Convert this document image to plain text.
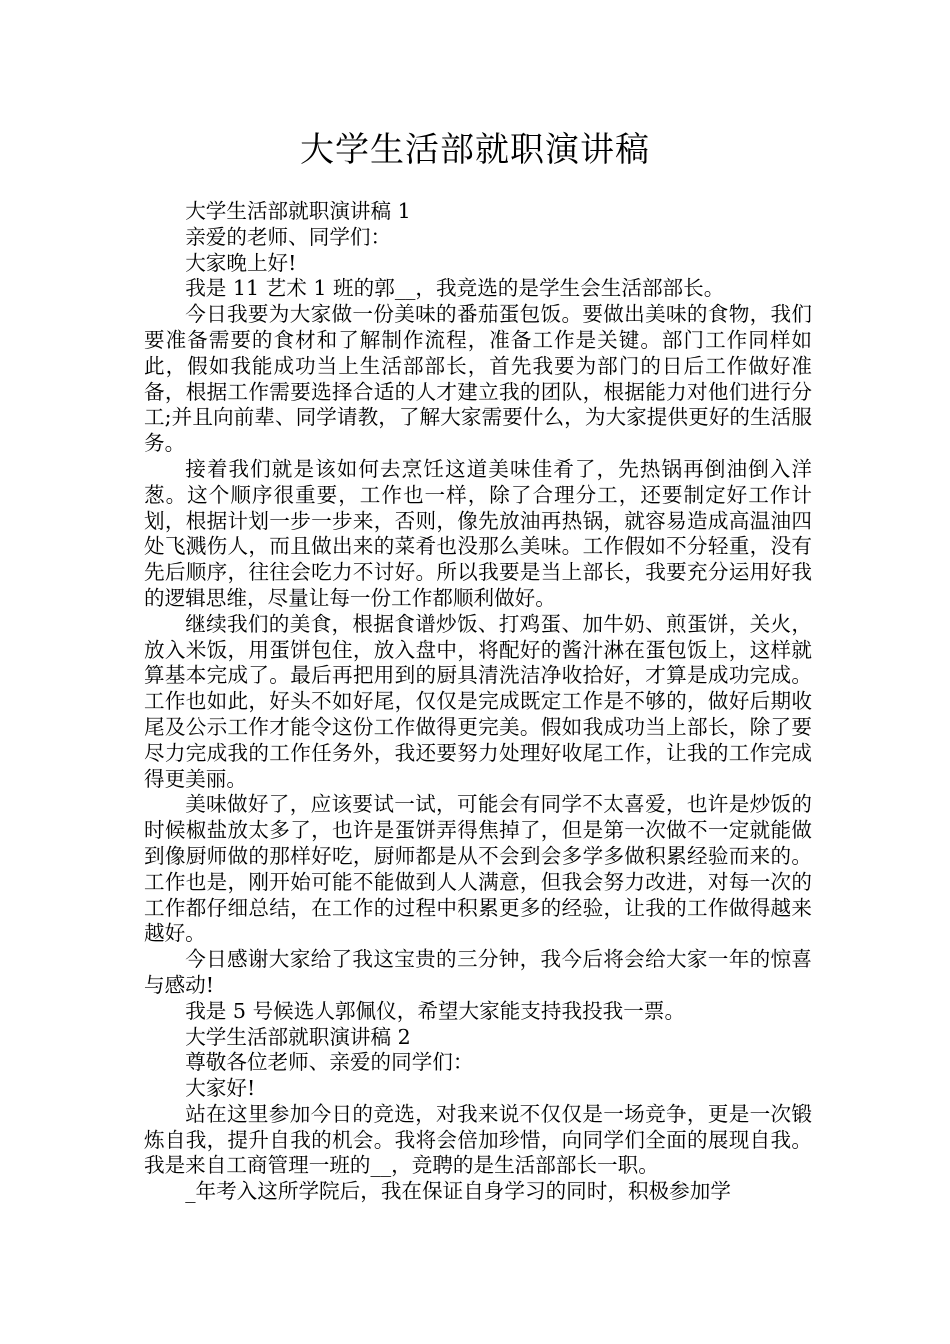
大学生活部就职演讲稿

大学生活部就职演讲稿 1

亲爱的老师、同学们：

大家晚上好!

我是 11 艺术 1 班的郭__，我竞选的是学生会生活部部长。

今日我要为大家做一份美味的番茄蛋包饭。要做出美味的食物，我们要准备需要的食材和了解制作流程，准备工作是关键。部门工作同样如此，假如我能成功当上生活部部长，首先我要为部门的日后工作做好准备，根据工作需要选择合适的人才建立我的团队，根据能力对他们进行分工;并且向前辈、同学请教，了解大家需要什么，为大家提供更好的生活服务。

接着我们就是该如何去烹饪这道美味佳肴了，先热锅再倒油倒入洋葱。这个顺序很重要，工作也一样，除了合理分工，还要制定好工作计划，根据计划一步一步来，否则，像先放油再热锅，就容易造成高温油四处飞溅伤人，而且做出来的菜肴也没那么美味。工作假如不分轻重，没有先后顺序，往往会吃力不讨好。所以我要是当上部长，我要充分运用好我的逻辑思维，尽量让每一份工作都顺利做好。

继续我们的美食，根据食谱炒饭、打鸡蛋、加牛奶、煎蛋饼，关火，放入米饭，用蛋饼包住，放入盘中，将配好的酱汁淋在蛋包饭上，这样就算基本完成了。最后再把用到的厨具清洗洁净收拾好，才算是成功完成。工作也如此，好头不如好尾，仅仅是完成既定工作是不够的，做好后期收尾及公示工作才能令这份工作做得更完美。假如我成功当上部长，除了要尽力完成我的工作任务外，我还要努力处理好收尾工作，让我的工作完成得更美丽。

美味做好了，应该要试一试，可能会有同学不太喜爱，也许是炒饭的时候椒盐放太多了，也许是蛋饼弄得焦掉了，但是第一次做不一定就能做到像厨师做的那样好吃，厨师都是从不会到会多学多做积累经验而来的。工作也是，刚开始可能不能做到人人满意，但我会努力改进，对每一次的工作都仔细总结，在工作的过程中积累更多的经验，让我的工作做得越来越好。

今日感谢大家给了我这宝贵的三分钟，我今后将会给大家一年的惊喜与感动!

我是 5 号候选人郭佩仪，希望大家能支持我投我一票。

大学生活部就职演讲稿 2

尊敬各位老师、亲爱的同学们：

大家好!

站在这里参加今日的竞选，对我来说不仅仅是一场竞争，更是一次锻炼自我，提升自我的机会。我将会倍加珍惜，向同学们全面的展现自我。我是来自工商管理一班的__，竞聘的是生活部部长一职。

_年考入这所学院后，我在保证自身学习的同时，积极参加学
